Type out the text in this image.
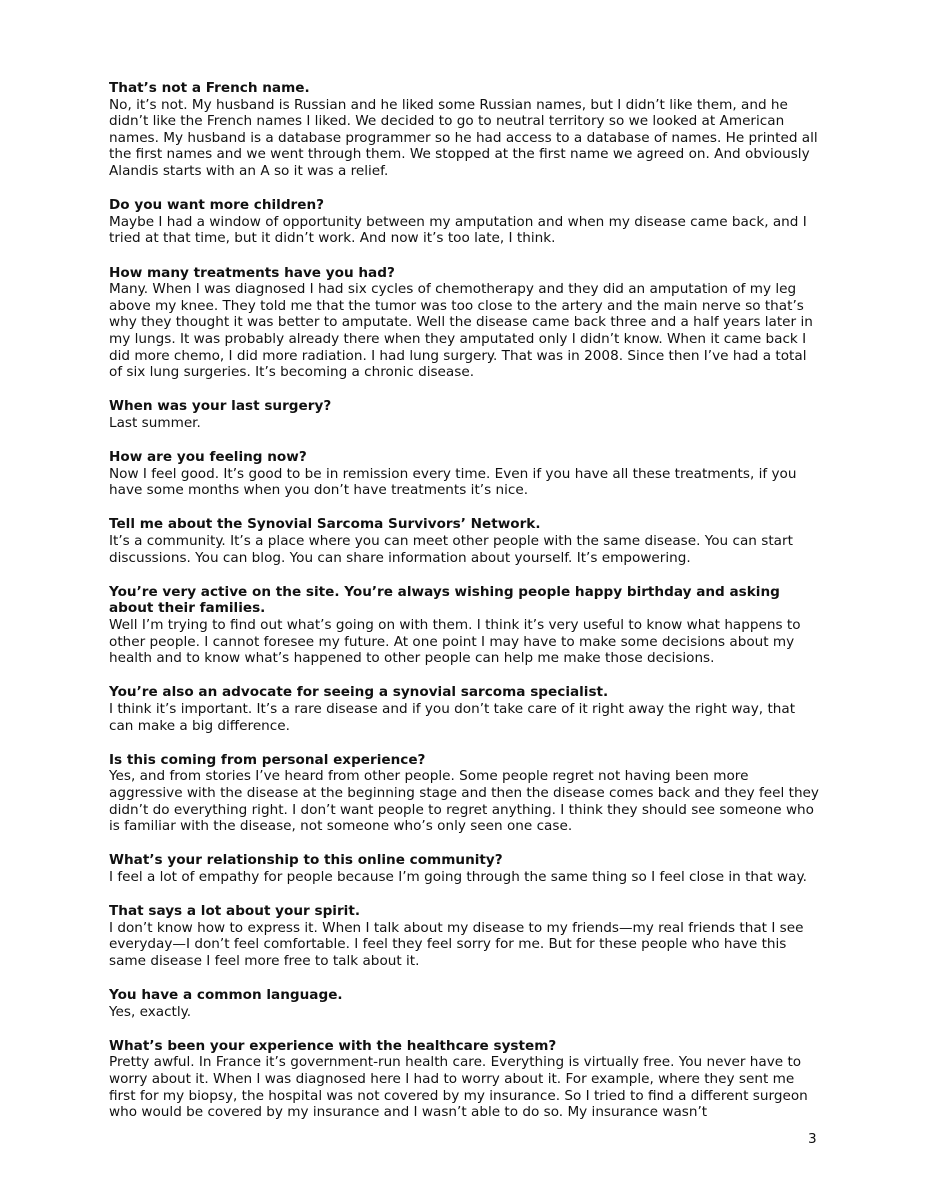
That’s not a French name.

No, it’s not. My husband is Russian and he liked some Russian names, but I didn’t like them, and he didn’t like the French names I liked. We decided to go to neutral territory so we looked at American names. My husband is a database programmer so he had access to a database of names. He printed all the first names and we went through them. We stopped at the first name we agreed on. And obviously Alandis starts with an A so it was a relief.

Do you want more children?

Maybe I had a window of opportunity between my amputation and when my disease came back, and I tried at that time, but it didn’t work. And now it’s too late, I think.

How many treatments have you had?

Many. When I was diagnosed I had six cycles of chemotherapy and they did an amputation of my leg above my knee. They told me that the tumor was too close to the artery and the main nerve so that’s why they thought it was better to amputate. Well the disease came back three and a half years later in my lungs. It was probably already there when they amputated only I didn’t know. When it came back I did more chemo, I did more radiation. I had lung surgery. That was in 2008. Since then I’ve had a total of six lung surgeries. It’s becoming a chronic disease.

When was your last surgery?

Last summer.

How are you feeling now?

Now I feel good. It’s good to be in remission every time. Even if you have all these treatments, if you have some months when you don’t have treatments it’s nice.

Tell me about the Synovial Sarcoma Survivors’ Network.

It’s a community. It’s a place where you can meet other people with the same disease. You can start discussions. You can blog. You can share information about yourself. It’s empowering.

You’re very active on the site. You’re always wishing people happy birthday and asking about their families.

Well I’m trying to find out what’s going on with them. I think it’s very useful to know what happens to other people. I cannot foresee my future. At one point I may have to make some decisions about my health and to know what’s happened to other people can help me make those decisions.

You’re also an advocate for seeing a synovial sarcoma specialist.

I think it’s important. It’s a rare disease and if you don’t take care of it right away the right way, that can make a big difference.

Is this coming from personal experience?

Yes, and from stories I’ve heard from other people. Some people regret not having been more aggressive with the disease at the beginning stage and then the disease comes back and they feel they didn’t do everything right. I don’t want people to regret anything. I think they should see someone who is familiar with the disease, not someone who’s only seen one case.

What’s your relationship to this online community?

I feel a lot of empathy for people because I’m going through the same thing so I feel close in that way.

That says a lot about your spirit.

I don’t know how to express it. When I talk about my disease to my friends—my real friends that I see everyday—I don’t feel comfortable. I feel they feel sorry for me. But for these people who have this same disease I feel more free to talk about it.

You have a common language.

Yes, exactly.

What’s been your experience with the healthcare system?

Pretty awful. In France it’s government-run health care. Everything is virtually free. You never have to worry about it. When I was diagnosed here I had to worry about it. For example, where they sent me first for my biopsy, the hospital was not covered by my insurance. So I tried to find a different surgeon who would be covered by my insurance and I wasn’t able to do so. My insurance wasn’t

3
